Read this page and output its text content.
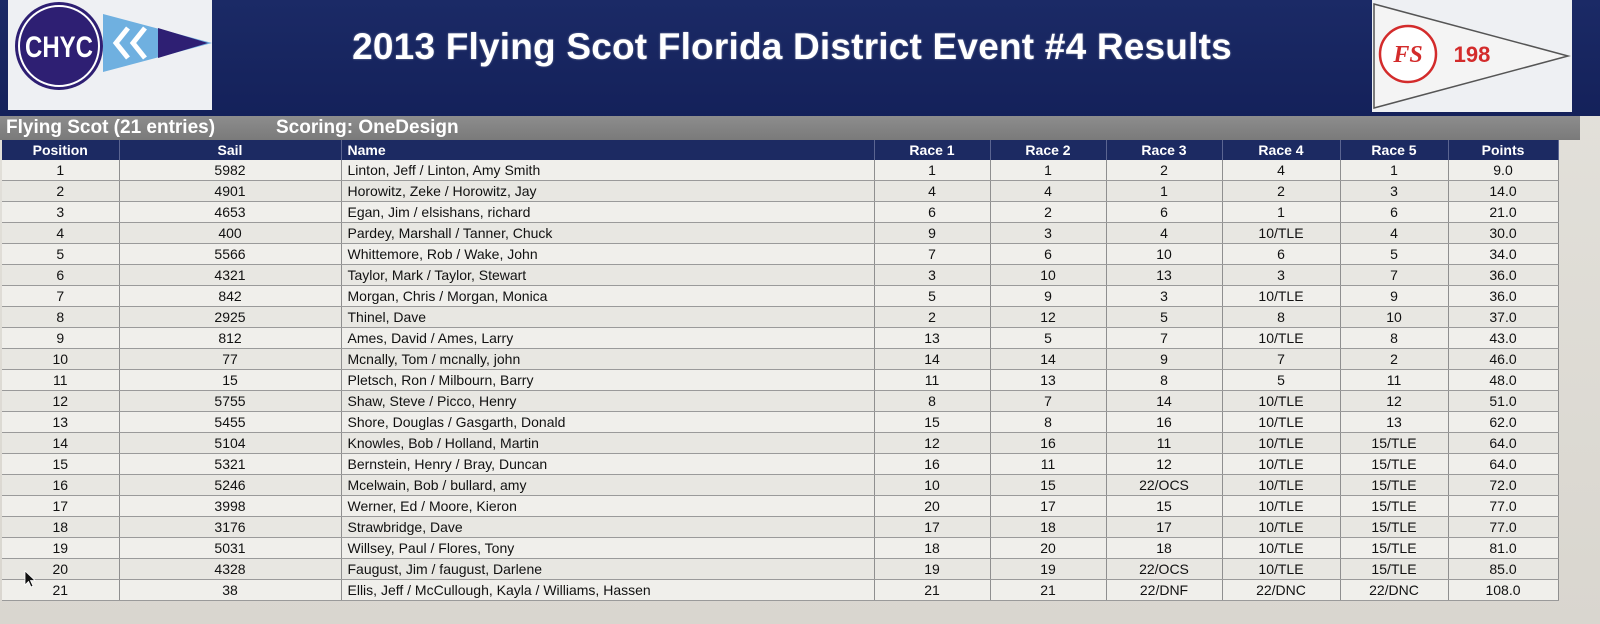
CHYC	2013 Flying Scot Florida District Event #4 Results	FS 198
Flying Scot (21 entries)	Scoring: OneDesign
Position	Sail	Name	Race 1	Race 2	Race 3	Race 4	Race 5	Points
1	5982	Linton, Jeff / Linton, Amy Smith	1	1	2	4	1	9.0
2	4901	Horowitz, Zeke / Horowitz, Jay	4	4	1	2	3	14.0
3	4653	Egan, Jim / elsishans, richard	6	2	6	1	6	21.0
4	400	Pardey, Marshall / Tanner, Chuck	9	3	4	10/TLE	4	30.0
5	5566	Whittemore, Rob / Wake, John	7	6	10	6	5	34.0
6	4321	Taylor, Mark / Taylor, Stewart	3	10	13	3	7	36.0
7	842	Morgan, Chris / Morgan, Monica	5	9	3	10/TLE	9	36.0
8	2925	Thinel, Dave	2	12	5	8	10	37.0
9	812	Ames, David / Ames, Larry	13	5	7	10/TLE	8	43.0
10	77	Mcnally, Tom / mcnally, john	14	14	9	7	2	46.0
11	15	Pletsch, Ron / Milbourn, Barry	11	13	8	5	11	48.0
12	5755	Shaw, Steve / Picco, Henry	8	7	14	10/TLE	12	51.0
13	5455	Shore, Douglas / Gasgarth, Donald	15	8	16	10/TLE	13	62.0
14	5104	Knowles, Bob / Holland, Martin	12	16	11	10/TLE	15/TLE	64.0
15	5321	Bernstein, Henry / Bray, Duncan	16	11	12	10/TLE	15/TLE	64.0
16	5246	Mcelwain, Bob / bullard, amy	10	15	22/OCS	10/TLE	15/TLE	72.0
17	3998	Werner, Ed / Moore, Kieron	20	17	15	10/TLE	15/TLE	77.0
18	3176	Strawbridge, Dave	17	18	17	10/TLE	15/TLE	77.0
19	5031	Willsey, Paul / Flores, Tony	18	20	18	10/TLE	15/TLE	81.0
20	4328	Faugust, Jim / faugust, Darlene	19	19	22/OCS	10/TLE	15/TLE	85.0
21	38	Ellis, Jeff / McCullough, Kayla / Williams, Hassen	21	21	22/DNF	22/DNC	22/DNC	108.0
